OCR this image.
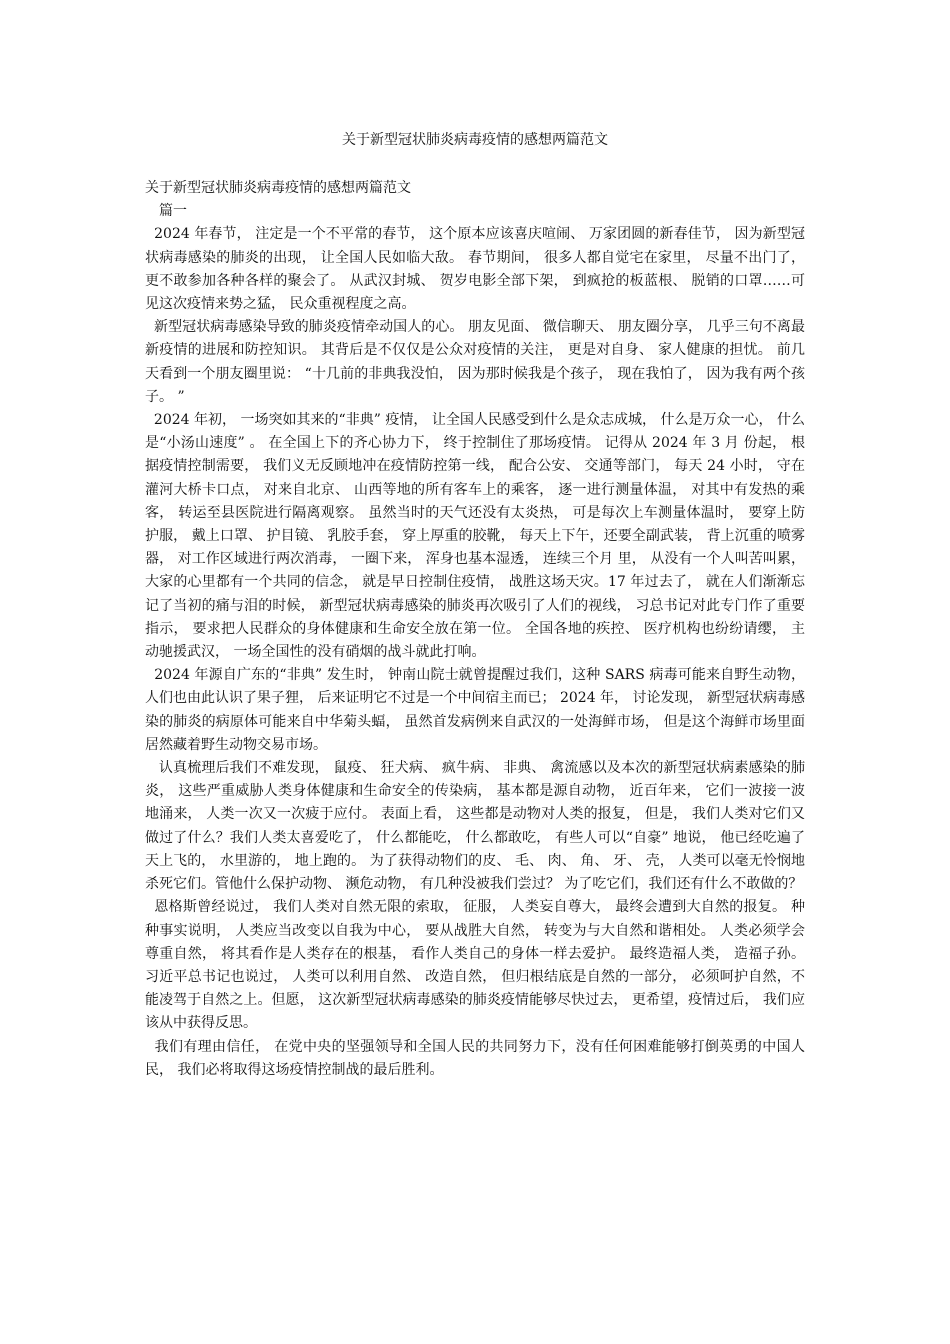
关于新型冠状肺炎病毒疫情的感想两篇范文

关于新型冠状肺炎病毒疫情的感想两篇范文

篇一

2024 年春节， 注定是一个不平常的春节， 这个原本应该喜庆喧闹、 万家团圆的新春佳节， 因为新型冠状病毒感染的肺炎的出现， 让全国人民如临大敌。 春节期间， 很多人都自觉宅在家里， 尽量不出门了， 更不敢参加各种各样的聚会了。 从武汉封城、 贺岁电影全部下架， 到疯抢的板蓝根、 脱销的口罩……可见这次疫情来势之猛， 民众重视程度之高。

新型冠状病毒感染导致的肺炎疫情牵动国人的心。 朋友见面、 微信聊天、 朋友圈分享， 几乎三句不离最新疫情的进展和防控知识。 其背后是不仅仅是公众对疫情的关注， 更是对自身、 家人健康的担忧。 前几天看到一个朋友圈里说： “十几前的非典我没怕， 因为那时候我是个孩子， 现在我怕了， 因为我有两个孩子。 ”

2024 年初， 一场突如其来的“非典” 疫情， 让全国人民感受到什么是众志成城， 什么是万众一心， 什么是“小汤山速度” 。 在全国上下的齐心协力下， 终于控制住了那场疫情。 记得从 2024 年 3 月 份起， 根据疫情控制需要， 我们义无反顾地冲在疫情防控第一线， 配合公安、 交通等部门， 每天 24 小时， 守在灌河大桥卡口点， 对来自北京、 山西等地的所有客车上的乘客， 逐一进行测量体温， 对其中有发热的乘客， 转运至县医院进行隔离观察。 虽然当时的天气还没有太炎热， 可是每次上车测量体温时， 要穿上防护服， 戴上口罩、 护目镜、 乳胶手套， 穿上厚重的胶靴， 每天上下午，还要全副武装， 背上沉重的喷雾器， 对工作区域进行两次消毒， 一圈下来， 浑身也基本湿透， 连续三个月 里， 从没有一个人叫苦叫累， 大家的心里都有一个共同的信念， 就是早日控制住疫情， 战胜这场天灾。17 年过去了， 就在人们渐渐忘记了当初的痛与泪的时候， 新型冠状病毒感染的肺炎再次吸引了人们的视线， 习总书记对此专门作了重要指示， 要求把人民群众的身体健康和生命安全放在第一位。 全国各地的疾控、 医疗机构也纷纷请缨， 主动驰援武汉， 一场全国性的没有硝烟的战斗就此打响。

2024 年源自广东的“非典” 发生时， 钟南山院士就曾提醒过我们，这种 SARS 病毒可能来自野生动物， 人们也由此认识了果子狸， 后来证明它不过是一个中间宿主而已； 2024 年， 讨论发现， 新型冠状病毒感染的肺炎的病原体可能来自中华菊头蝠， 虽然首发病例来自武汉的一处海鲜市场， 但是这个海鲜市场里面居然藏着野生动物交易市场。

认真梳理后我们不难发现， 鼠疫、 狂犬病、 疯牛病、 非典、 禽流感以及本次的新型冠状病素感染的肺炎， 这些严重威胁人类身体健康和生命安全的传染病， 基本都是源自动物， 近百年来， 它们一波接一波地涌来， 人类一次又一次疲于应付。 表面上看， 这些都是动物对人类的报复， 但是， 我们人类对它们又做过了什么？我们人类太喜爱吃了， 什么都能吃， 什么都敢吃， 有些人可以“自豪” 地说， 他已经吃遍了天上飞的， 水里游的， 地上跑的。 为了获得动物们的皮、 毛、 肉、 角、 牙、 壳， 人类可以毫无怜悯地杀死它们。管他什么保护动物、 濒危动物， 有几种没被我们尝过？ 为了吃它们，我们还有什么不敢做的？

恩格斯曾经说过， 我们人类对自然无限的索取， 征服， 人类妄自尊大， 最终会遭到大自然的报复。 种种事实说明， 人类应当改变以自我为中心， 要从战胜大自然， 转变为与大自然和谐相处。 人类必须学会尊重自然， 将其看作是人类存在的根基， 看作人类自己的身体一样去爱护。 最终造福人类， 造福子孙。 习近平总书记也说过， 人类可以利用自然、 改造自然， 但归根结底是自然的一部分， 必须呵护自然，不能凌驾于自然之上。但愿， 这次新型冠状病毒感染的肺炎疫情能够尽快过去， 更希望，疫情过后， 我们应该从中获得反思。

我们有理由信任， 在党中央的坚强领导和全国人民的共同努力下，没有任何困难能够打倒英勇的中国人民， 我们必将取得这场疫情控制战的最后胜利。
